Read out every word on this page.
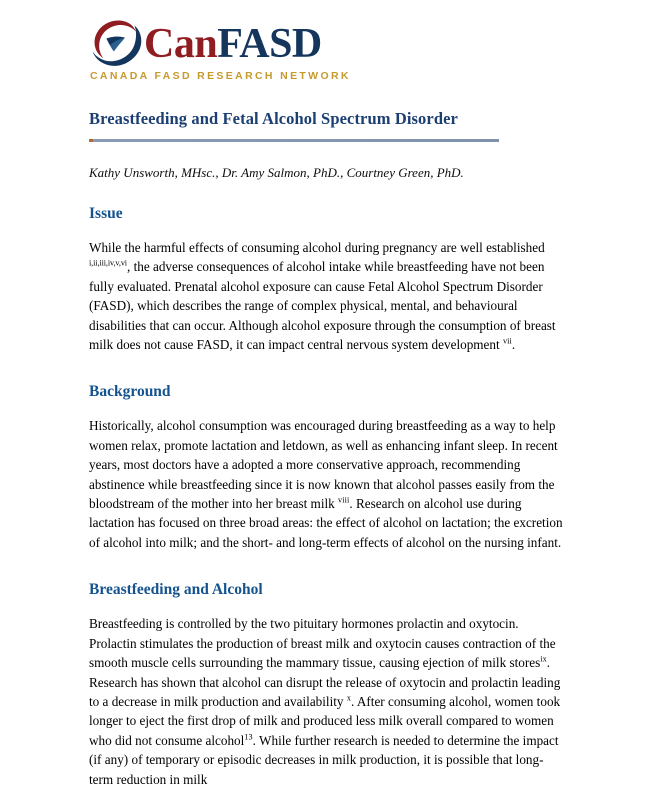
CanFASD
CANADA FASD RESEARCH NETWORK
Breastfeeding and Fetal Alcohol Spectrum Disorder
Kathy Unsworth, MHsc., Dr. Amy Salmon, PhD., Courtney Green, PhD.
Issue

While the harmful effects of consuming alcohol during pregnancy are well established $^{i,ii,iii,iv,v,vi}$, the adverse consequences of alcohol intake while breastfeeding have not been fully evaluated. Prenatal alcohol exposure can cause Fetal Alcohol Spectrum Disorder (FASD), which describes the range of complex physical, mental, and behavioural disabilities that can occur. Although alcohol exposure through the consumption of breast milk does not cause FASD, it can impact central nervous system development $^{vii}$.

Background

Historically, alcohol consumption was encouraged during breastfeeding as a way to help women relax, promote lactation and letdown, as well as enhancing infant sleep. In recent years, most doctors have a adopted a more conservative approach, recommending abstinence while breastfeeding since it is now known that alcohol passes easily from the bloodstream of the mother into her breast milk $^{viii}$. Research on alcohol use during lactation has focused on three broad areas: the effect of alcohol on lactation; the excretion of alcohol into milk; and the short- and long-term effects of alcohol on the nursing infant.

Breastfeeding and Alcohol

Breastfeeding is controlled by the two pituitary hormones prolactin and oxytocin. Prolactin stimulates the production of breast milk and oxytocin causes contraction of the smooth muscle cells surrounding the mammary tissue, causing ejection of milk stores$^{ix}$. Research has shown that alcohol can disrupt the release of oxytocin and prolactin leading to a decrease in milk production and availability $^x$. After consuming alcohol, women took longer to eject the first drop of milk and produced less milk overall compared to women who did not consume alcohol$^{13}$. While further research is needed to determine the impact (if any) of temporary or episodic decreases in milk production, it is possible that long-term reduction in milk
